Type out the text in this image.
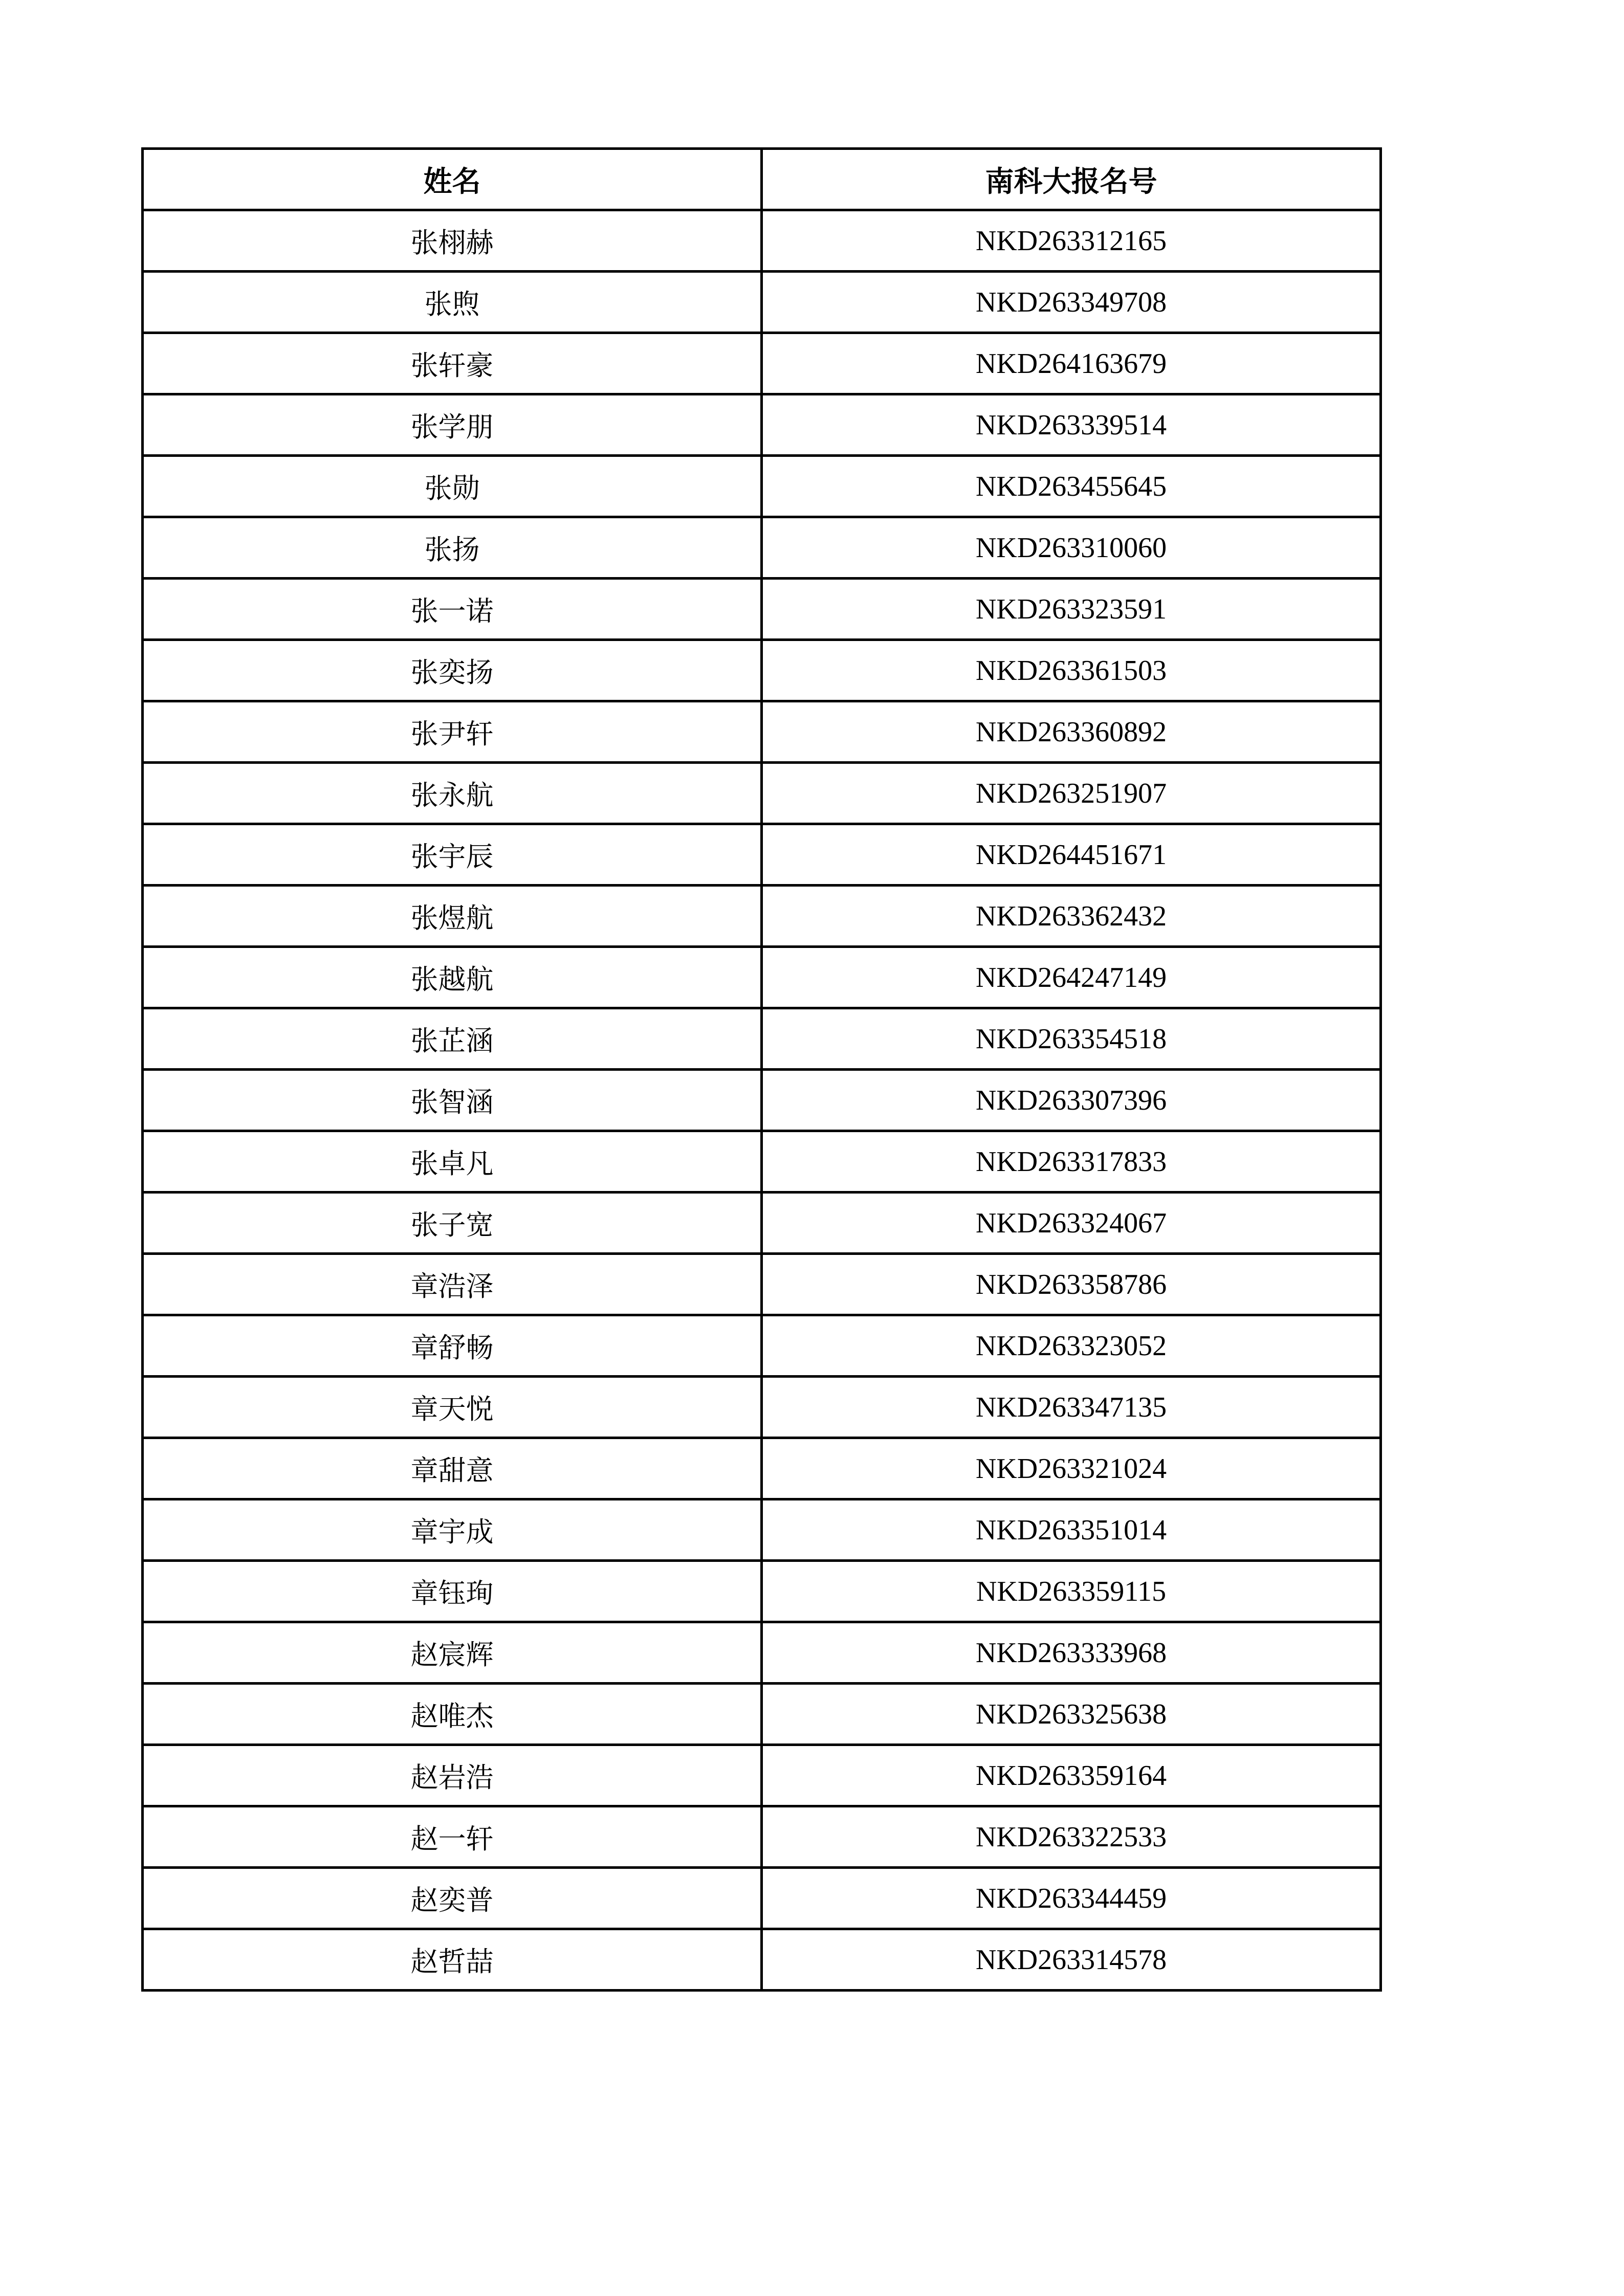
姓名	南科大报名号
张栩赫	NKD263312165
张煦	NKD263349708
张轩豪	NKD264163679
张学朋	NKD263339514
张勋	NKD263455645
张扬	NKD263310060
张一诺	NKD263323591
张奕扬	NKD263361503
张尹轩	NKD263360892
张永航	NKD263251907
张宇辰	NKD264451671
张煜航	NKD263362432
张越航	NKD264247149
张芷涵	NKD263354518
张智涵	NKD263307396
张卓凡	NKD263317833
张子宽	NKD263324067
章浩泽	NKD263358786
章舒畅	NKD263323052
章天悦	NKD263347135
章甜意	NKD263321024
章宇成	NKD263351014
章钰珣	NKD263359115
赵宸辉	NKD263333968
赵唯杰	NKD263325638
赵岩浩	NKD263359164
赵一轩	NKD263322533
赵奕普	NKD263344459
赵哲喆	NKD263314578
